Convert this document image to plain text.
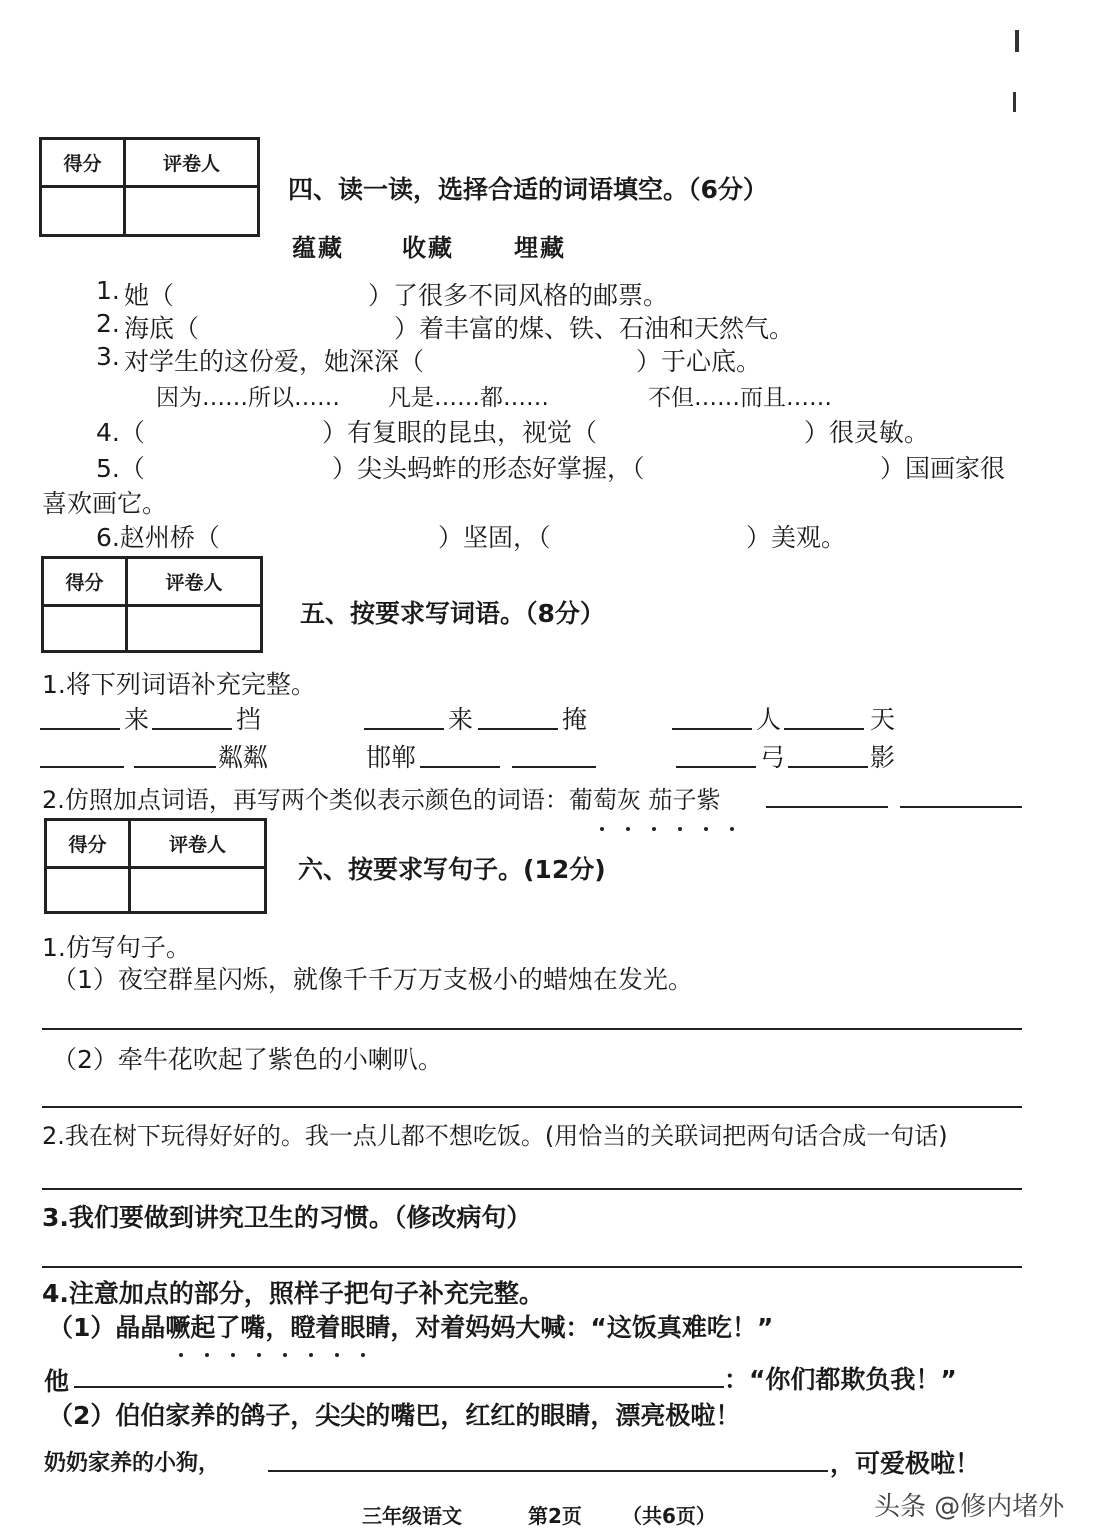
得分	评卷人
四、读一读，选择合适的词语填空。（6分）
蕴藏 收藏	埋藏
1. 她（	）了很多不同风格的邮票。
2. 海底（	）着丰富的煤、铁、石油和天然气。
3. 对学生的这份爱，她深深（	）于心底。
因为……所以…… 凡是……都……	不但……而且……
4.（	）有复眼的昆虫，视觉（	）很灵敏。
5.（	）尖头蚂蚱的形态好掌握，（	）国画家很
喜欢画它。
6.赵州桥（	）坚固，（	）美观。
得分	评卷人
五、按要求写词语。（8分）
1.将下列词语补充完整。
来	挡	来	掩	人	天
粼粼	邯郸	弓	影
2.仿照加点词语，再写两个类似表示颜色的词语：葡萄灰 茄子紫
得分	评卷人
六、按要求写句子。(12分)
1.仿写句子。
（1）夜空群星闪烁，就像千千万万支极小的蜡烛在发光。
（2）牵牛花吹起了紫色的小喇叭。
2.我在树下玩得好好的。我一点儿都不想吃饭。(用恰当的关联词把两句话合成一句话)
3.我们要做到讲究卫生的习惯。（修改病句）
4.注意加点的部分，照样子把句子补充完整。
（1）晶晶噘起了嘴，瞪着眼睛，对着妈妈大喊：“这饭真难吃！”
他	：“你们都欺负我！”
（2）伯伯家养的鸽子，尖尖的嘴巴，红红的眼睛，漂亮极啦！
奶奶家养的小狗，	，可爱极啦！
三年级语文	第2页 （共6页）	头条 @修内堵外
